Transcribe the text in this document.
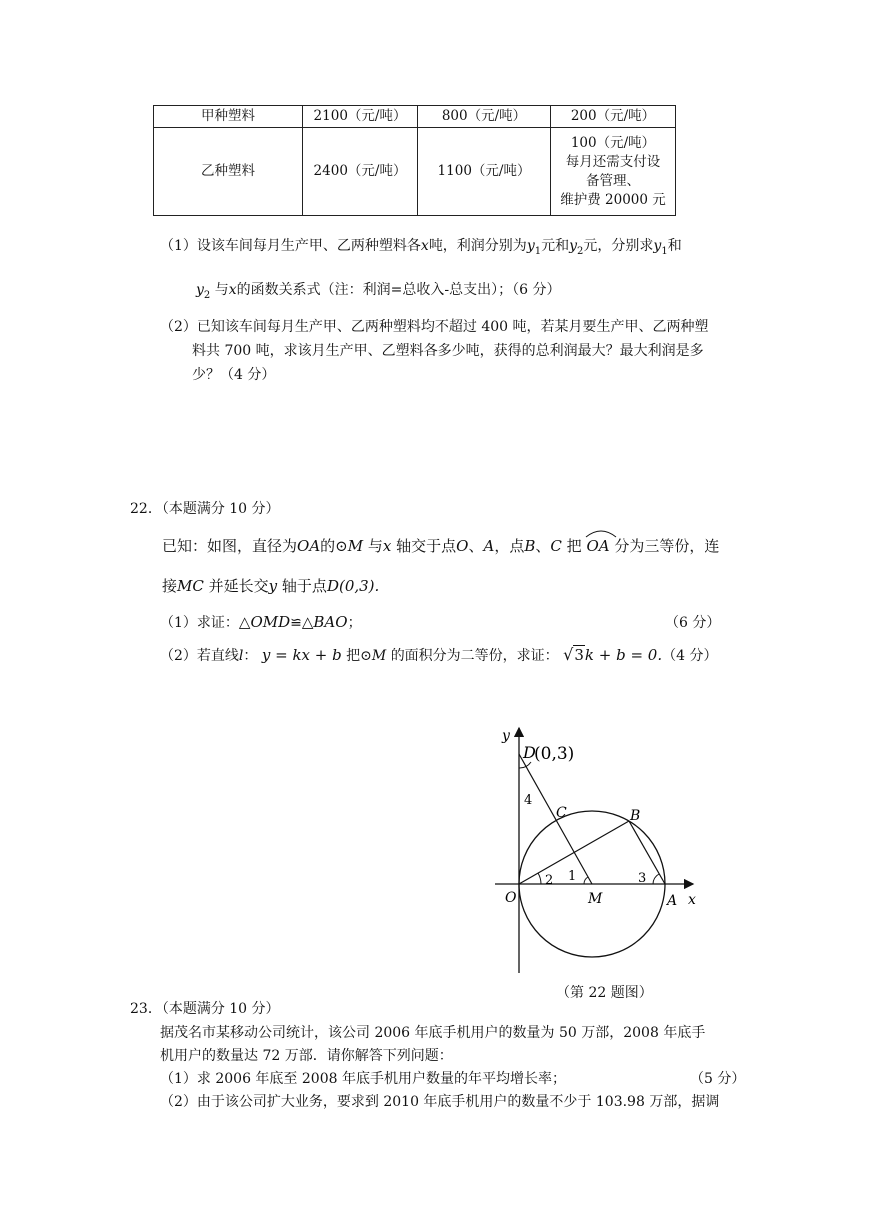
甲种塑料	2100（元/吨）	800（元/吨）	200（元/吨）
乙种塑料	2400（元/吨）	1100（元/吨）	100（元/吨）
每月还需支付设
备管理、
维护费 20000 元
（1）设该车间每月生产甲、乙两种塑料各x吨，利润分别为$y_1$元和$y_2$元，分别求$y_1$和
$y_2$ 与x的函数关系式（注：利润=总收入-总支出）；（6 分）
（2）已知该车间每月生产甲、乙两种塑料均不超过 400 吨，若某月要生产甲、乙两种塑
料共 700 吨，求该月生产甲、乙塑料各多少吨，获得的总利润最大？最大利润是多
少？（4 分）
22．（本题满分 10 分）
已知：如图，直径为OA的⊙M 与x 轴交于点O、A，点B、C 把 OA 分为三等份，连
接MC 并延长交y 轴于点D(0,3).
（1）求证：△OMD≌△BAO；	（6 分）
（2）若直线l： y = kx + b 把⊙M 的面积分为二等份，求证： √3k + b = 0.（4 分）
y
x
D
(0,3)
O	M	A
B
C
1
2	3
4
（第 22 题图）
23．（本题满分 10 分）
据茂名市某移动公司统计，该公司 2006 年底手机用户的数量为 50 万部，2008 年底手
机用户的数量达 72 万部．请你解答下列问题：
（1）求 2006 年底至 2008 年底手机用户数量的年平均增长率；	（5 分）
（2）由于该公司扩大业务，要求到 2010 年底手机用户的数量不少于 103.98 万部，据调
